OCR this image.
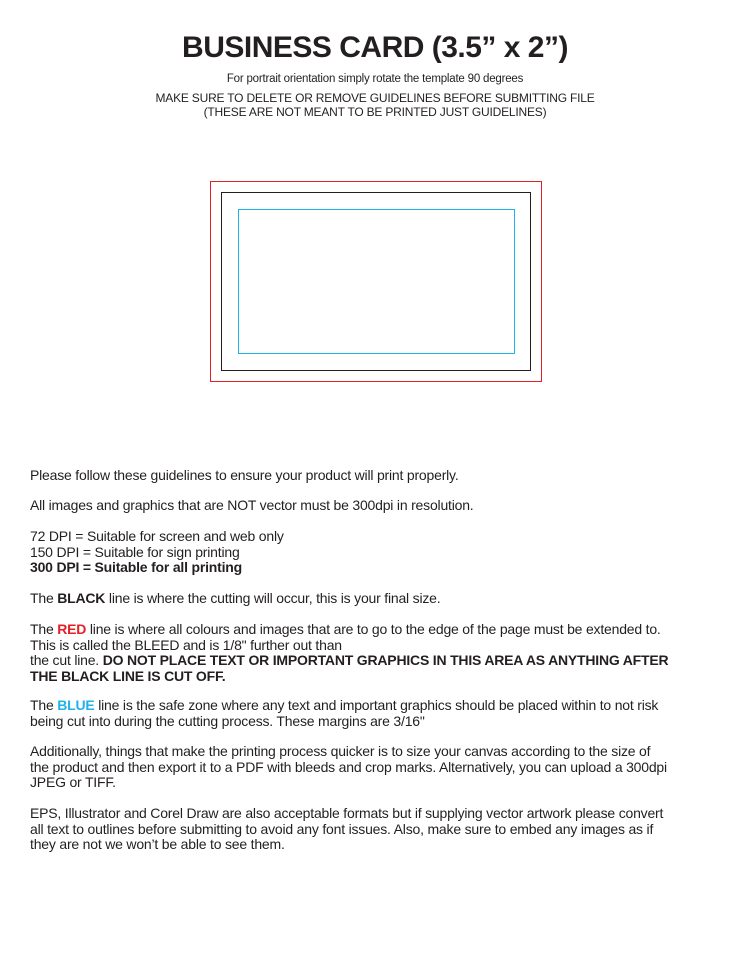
BUSINESS CARD (3.5” x 2”)
For portrait orientation simply rotate the template 90 degrees
MAKE SURE TO DELETE OR REMOVE GUIDELINES BEFORE SUBMITTING FILE
(THESE ARE NOT MEANT TO BE PRINTED JUST GUIDELINES)
Please follow these guidelines to ensure your product will print properly.
All images and graphics that are NOT vector must be 300dpi in resolution.
72 DPI = Suitable for screen and web only
150 DPI = Suitable for sign printing
300 DPI = Suitable for all printing
The BLACK line is where the cutting will occur, this is your final size.
The RED line is where all colours and images that are to go to the edge of the page must be extended to.
This is called the BLEED and is 1/8" further out than
the cut line. DO NOT PLACE TEXT OR IMPORTANT GRAPHICS IN THIS AREA AS ANYTHING AFTER
THE BLACK LINE IS CUT OFF.
The BLUE line is the safe zone where any text and important graphics should be placed within to not risk
being cut into during the cutting process. These margins are 3/16"
Additionally, things that make the printing process quicker is to size your canvas according to the size of
the product and then export it to a PDF with bleeds and crop marks. Alternatively, you can upload a 300dpi
JPEG or TIFF.
EPS, Illustrator and Corel Draw are also acceptable formats but if supplying vector artwork please convert
all text to outlines before submitting to avoid any font issues. Also, make sure to embed any images as if
they are not we won’t be able to see them.
